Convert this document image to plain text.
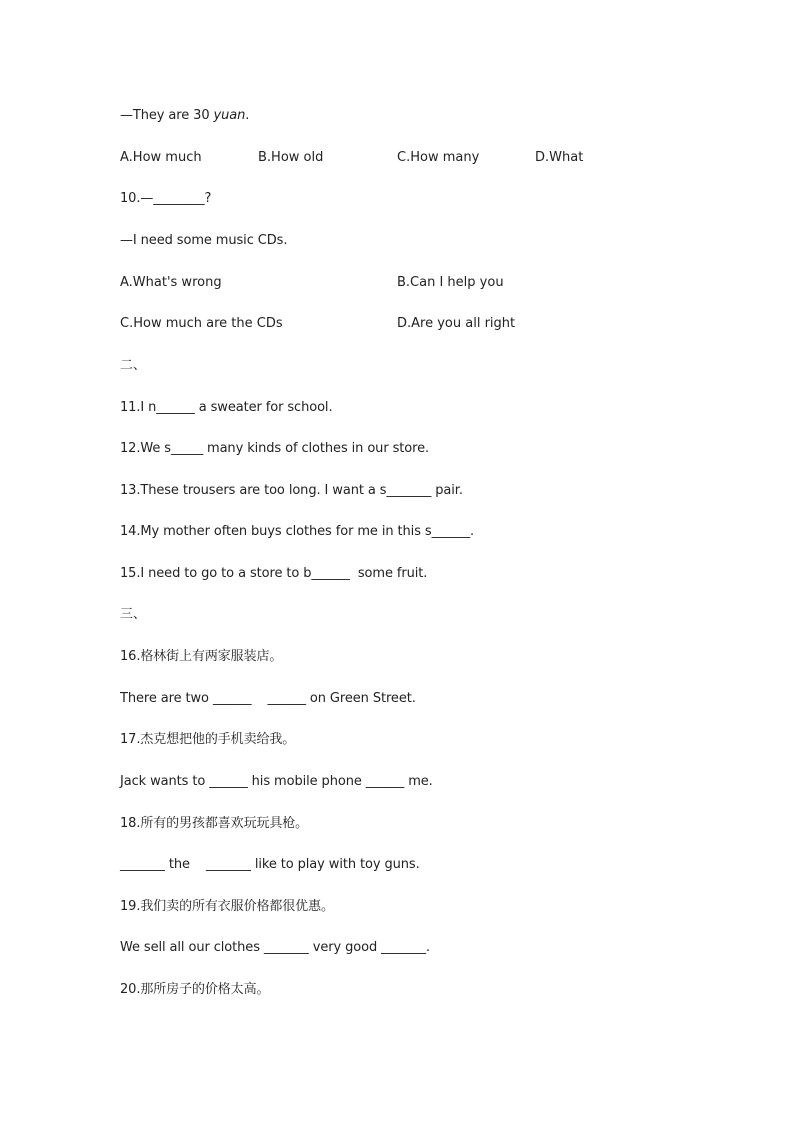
—They are 30 yuan.
A.How much	B.How old	C.How many	D.What
10.—________?
—I need some music CDs.
A.What's wrong	B.Can I help you
C.How much are the CDs	D.Are you all right
二、
11.I n______ a sweater for school.
12.We s_____ many kinds of clothes in our store.
13.These trousers are too long. I want a s_______ pair.
14.My mother often buys clothes for me in this s______.
15.I need to go to a store to b______  some fruit.
三、
16.格林街上有两家服装店。
There are two ______    ______ on Green Street.
17.杰克想把他的手机卖给我。
Jack wants to ______ his mobile phone ______ me.
18.所有的男孩都喜欢玩玩具枪。
_______ the    _______ like to play with toy guns.
19.我们卖的所有衣服价格都很优惠。
We sell all our clothes _______ very good _______.
20.那所房子的价格太高。
